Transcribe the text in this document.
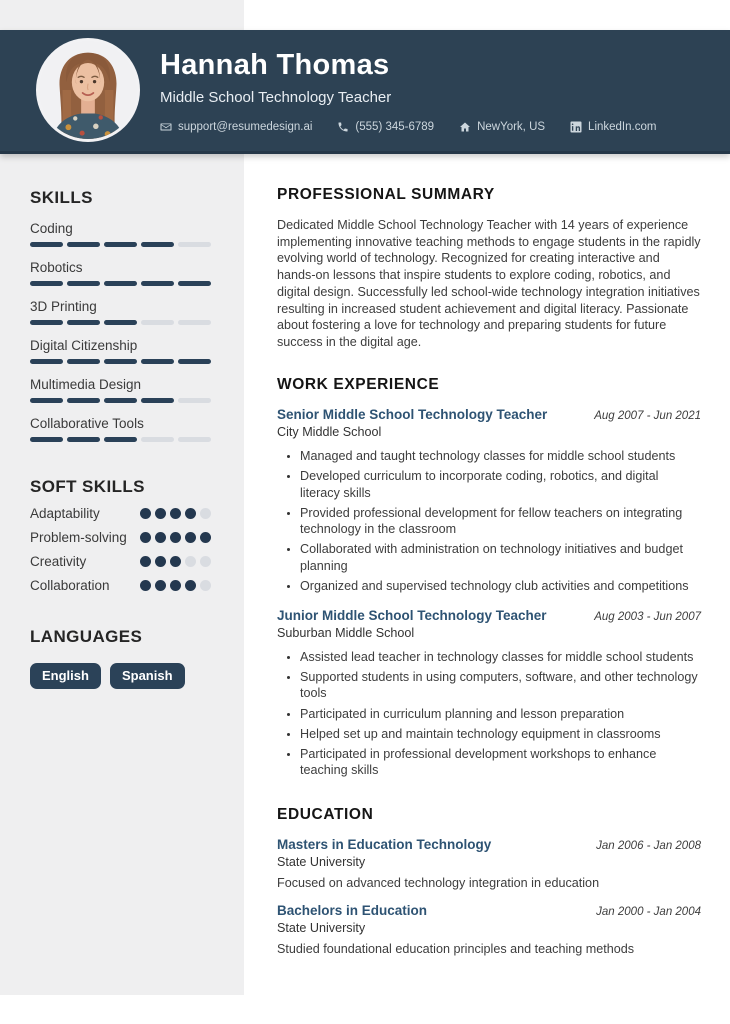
Hannah Thomas
Middle School Technology Teacher
support@resumedesign.ai	(555) 345-6789	NewYork, US	LinkedIn.com
SKILLS
Coding
Robotics
3D Printing
Digital Citizenship
Multimedia Design
Collaborative Tools
SOFT SKILLS
Adaptability
Problem-solving
Creativity
Collaboration
LANGUAGES
English	Spanish
PROFESSIONAL SUMMARY

Dedicated Middle School Technology Teacher with 14 years of experience implementing innovative teaching methods to engage students in the rapidly evolving world of technology. Recognized for creating interactive and hands-on lessons that inspire students to explore coding, robotics, and digital design. Successfully led school-wide technology integration initiatives resulting in increased student achievement and digital literacy. Passionate about fostering a love for technology and preparing students for future success in the digital age.

WORK EXPERIENCE
Senior Middle School Technology Teacher	Aug 2007 - Jun 2021
City Middle School
• Managed and taught technology classes for middle school students
• Developed curriculum to incorporate coding, robotics, and digital literacy skills
• Provided professional development for fellow teachers on integrating technology in the classroom
• Collaborated with administration on technology initiatives and budget planning
• Organized and supervised technology club activities and competitions
Junior Middle School Technology Teacher	Aug 2003 - Jun 2007
Suburban Middle School
• Assisted lead teacher in technology classes for middle school students
• Supported students in using computers, software, and other technology tools
• Participated in curriculum planning and lesson preparation
• Helped set up and maintain technology equipment in classrooms
• Participated in professional development workshops to enhance teaching skills
EDUCATION
Masters in Education Technology	Jan 2006 - Jan 2008
State University
Focused on advanced technology integration in education
Bachelors in Education	Jan 2000 - Jan 2004
State University
Studied foundational education principles and teaching methods
